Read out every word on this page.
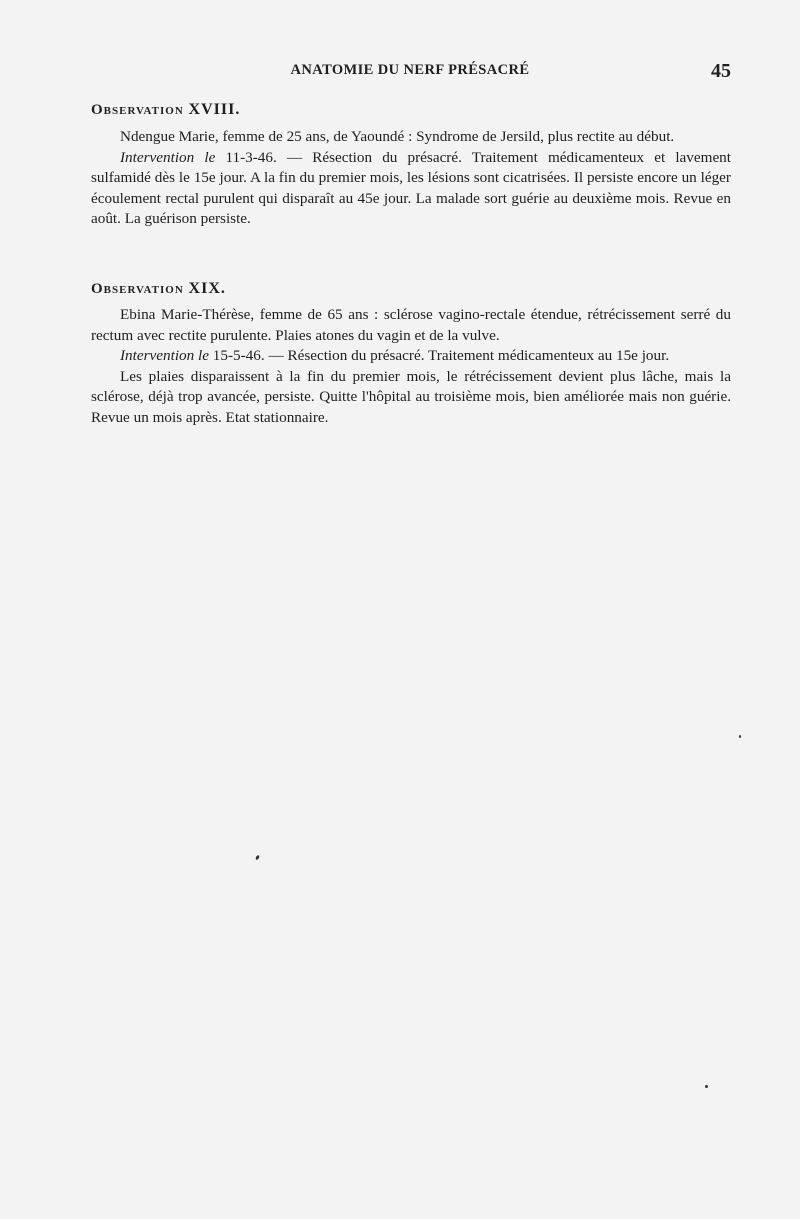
ANATOMIE DU NERF PRÉSACRÉ	45
Observation XVIII.

Ndengue Marie, femme de 25 ans, de Yaoundé : Syndrome de Jersild, plus rectite au début.

Intervention le 11-3-46. — Résection du présacré. Traitement médicamenteux et lavement sulfamidé dès le 15e jour. A la fin du premier mois, les lésions sont cicatrisées. Il persiste encore un léger écoulement rectal purulent qui disparaît au 45e jour. La malade sort guérie au deuxième mois. Revue en août. La guérison persiste.

Observation XIX.

Ebina Marie-Thérèse, femme de 65 ans : sclérose vagino-rectale étendue, rétrécissement serré du rectum avec rectite purulente. Plaies atones du vagin et de la vulve.

Intervention le 15-5-46. — Résection du présacré. Traitement médicamenteux au 15e jour.

Les plaies disparaissent à la fin du premier mois, le rétrécissement devient plus lâche, mais la sclérose, déjà trop avancée, persiste. Quitte l'hôpital au troisième mois, bien améliorée mais non guérie. Revue un mois après. Etat stationnaire.
